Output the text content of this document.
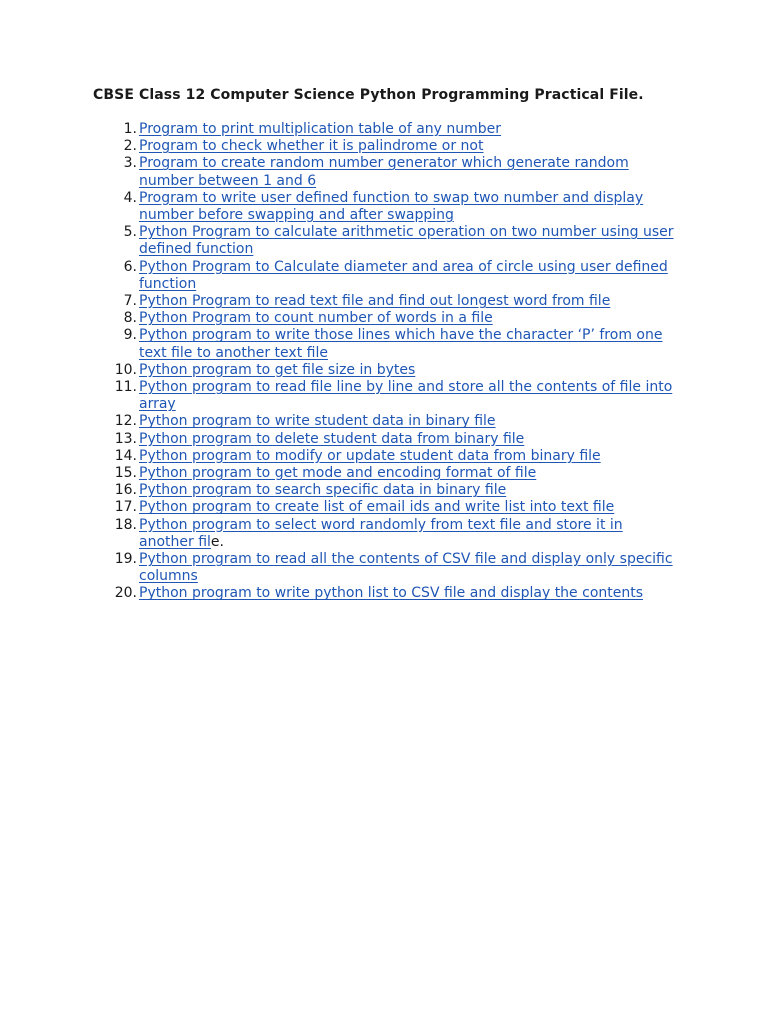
CBSE Class 12 Computer Science Python Programming Practical File.
1. Program to print multiplication table of any number
2. Program to check whether it is palindrome or not
3. Program to create random number generator which generate random number between 1 and 6
4. Program to write user defined function to swap two number and display number before swapping and after swapping
5. Python Program to calculate arithmetic operation on two number using user defined function
6. Python Program to Calculate diameter and area of circle using user defined function
7. Python Program to read text file and find out longest word from file
8. Python Program to count number of words in a file
9. Python program to write those lines which have the character ‘P’ from one text file to another text file
10. Python program to get file size in bytes
11. Python program to read file line by line and store all the contents of file into array
12. Python program to write student data in binary file
13. Python program to delete student data from binary file
14. Python program to modify or update student data from binary file
15. Python program to get mode and encoding format of file
16. Python program to search specific data in binary file
17. Python program to create list of email ids and write list into text file
18. Python program to select word randomly from text file and store it in another file.
19. Python program to read all the contents of CSV file and display only specific columns
20. Python program to write python list to CSV file and display the contents
